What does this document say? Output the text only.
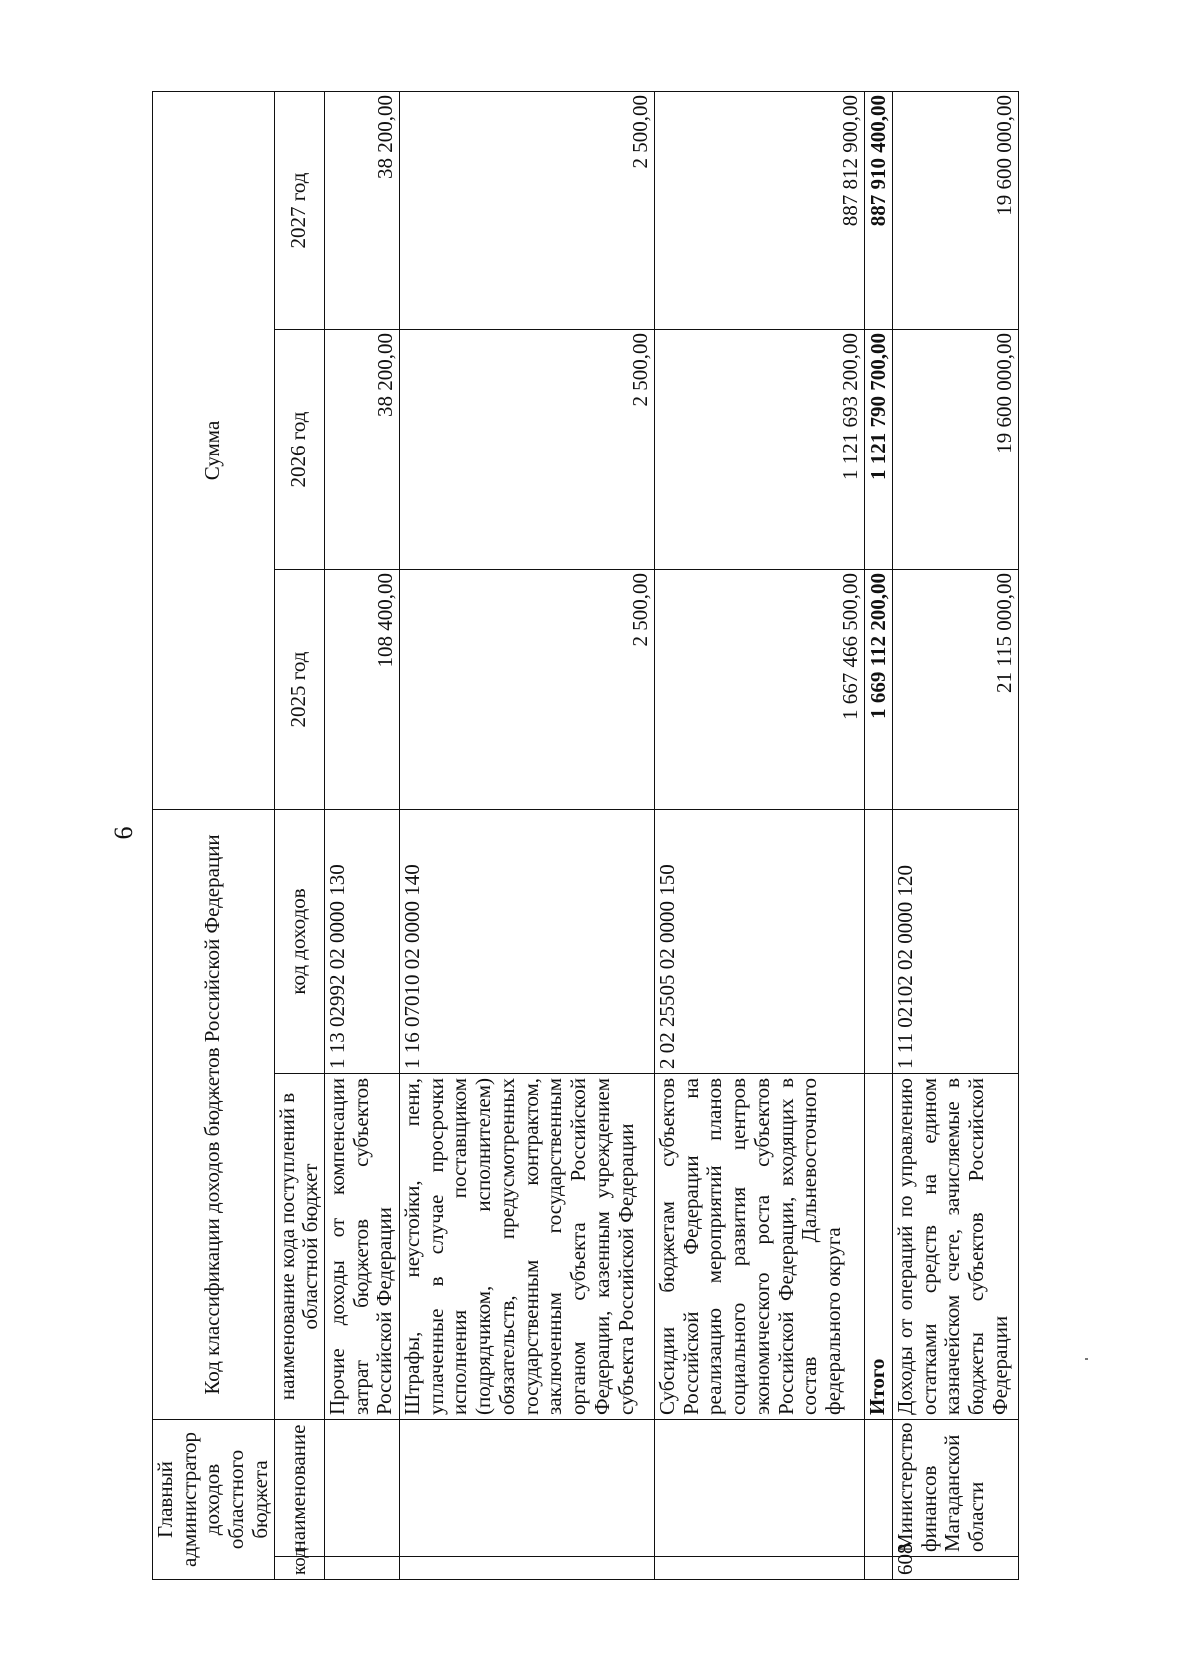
6
Главный администратор доходов областного бюджета		Код классификации доходов бюджетов Российской Федерации		Сумма		
код	наименование	наименование кода поступлений в областной бюджет	код доходов	2025 год	2026 год	2027 год
		Прочие доходы от компенсации затрат бюджетов субъектов Российской Федерации	1 13 02992 02 0000 130	108 400,00	38 200,00	38 200,00
		Штрафы, неустойки, пени, уплаченные в случае просрочки исполнения поставщиком (подрядчиком, исполнителем) обязательств, предусмотренных государственным контрактом, заключенным государственным органом субъекта Российской Федерации, казенным учреждением субъекта Российской Федерации	1 16 07010 02 0000 140	2 500,00	2 500,00	2 500,00
		Субсидии бюджетам субъектов Российской Федерации на реализацию мероприятий планов социального развития центров экономического роста субъектов Российской Федерации, входящих в состав Дальневосточного федерального округа	2 02 25505 02 0000 150	1 667 466 500,00	1 121 693 200,00	887 812 900,00
		Итого		1 669 112 200,00	1 121 790 700,00	887 910 400,00
608	Министерство финансов Магаданской области	Доходы от операций по управлению остатками средств на едином казначейском счете, зачисляемые в бюджеты субъектов Российской Федерации	1 11 02102 02 0000 120	21 115 000,00	19 600 000,00	19 600 000,00
